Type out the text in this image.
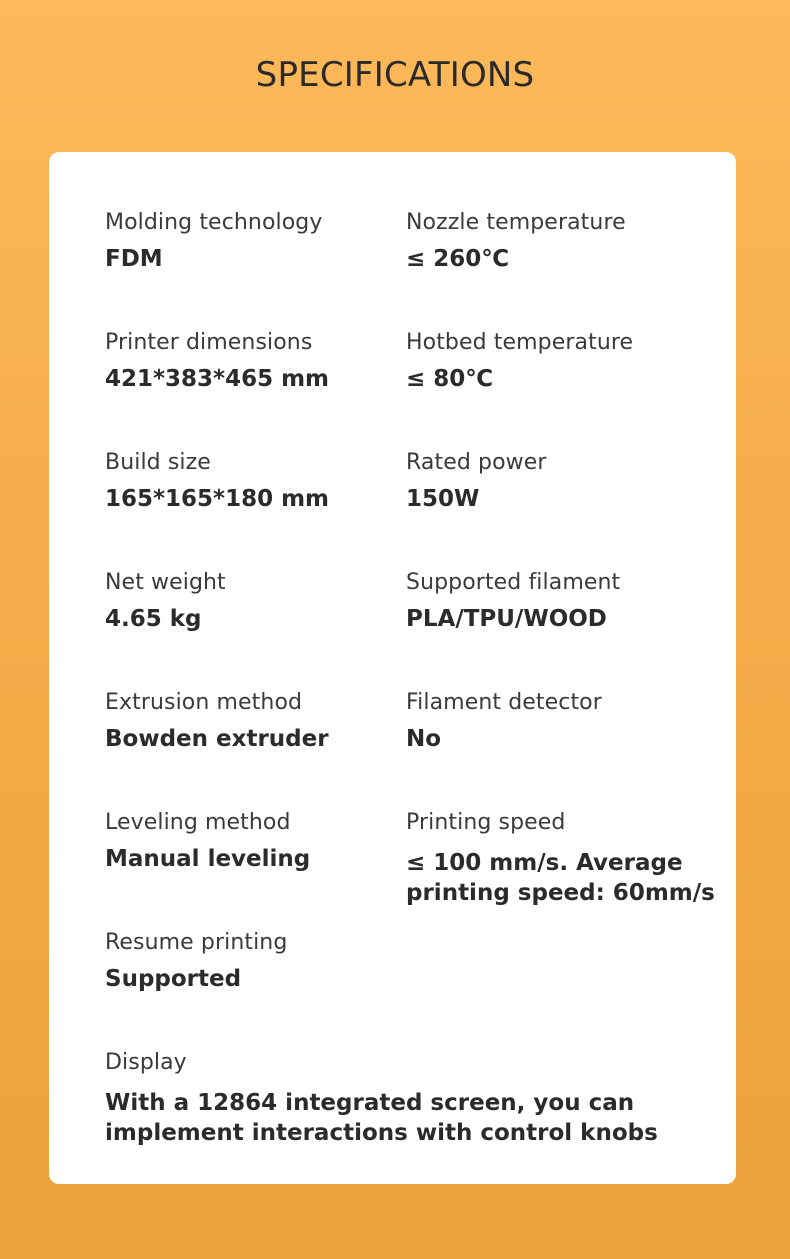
SPECIFICATIONS
Molding technology
FDM
Nozzle temperature
≤ 260℃
Printer dimensions
421*383*465 mm
Hotbed temperature
≤ 80℃
Build size
165*165*180 mm
Rated power
150W
Net weight
4.65 kg
Supported filament
PLA/TPU/WOOD
Extrusion method
Bowden extruder
Filament detector
No
Leveling method
Manual leveling
Printing speed
≤ 100 mm/s. Average
printing speed: 60mm/s
Resume printing
Supported
Display
With a 12864 integrated screen, you can
implement interactions with control knobs
